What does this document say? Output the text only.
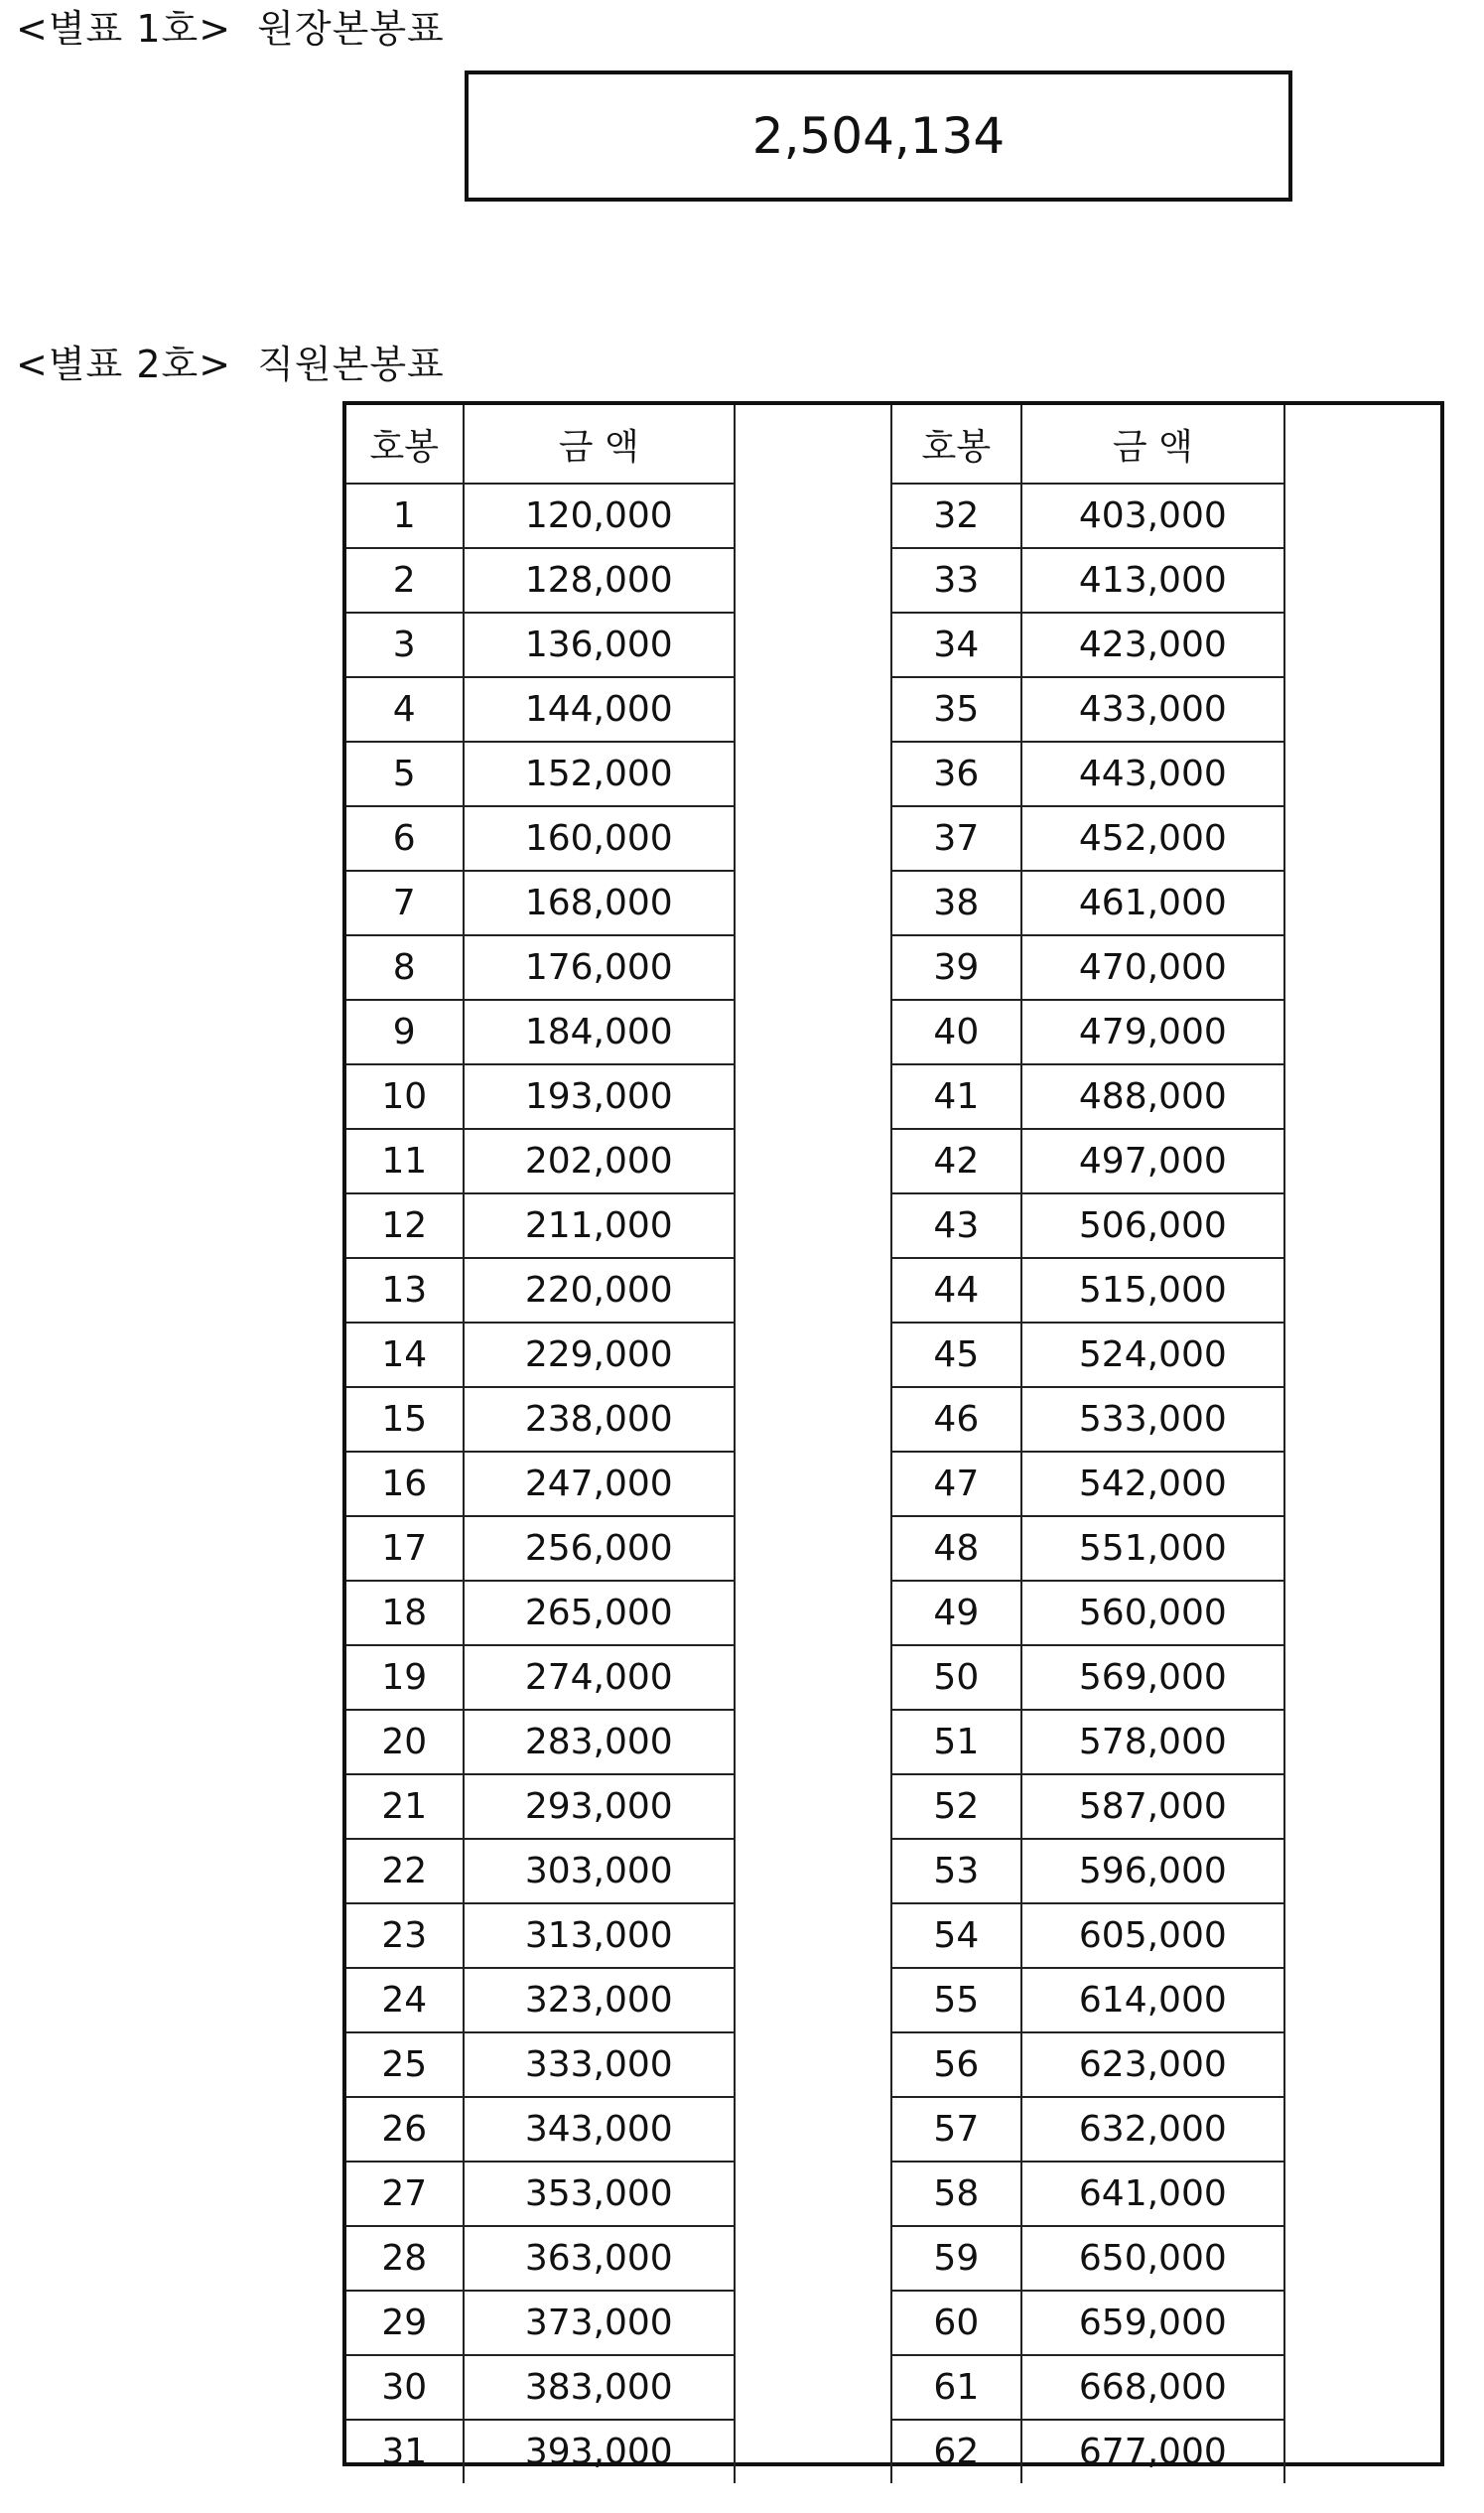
<별표 1호>  원장본봉표
2,504,134
<별표 2호>  직원본봉표
호봉	금 액
1	120,000
2	128,000
3	136,000
4	144,000
5	152,000
6	160,000
7	168,000
8	176,000
9	184,000
10	193,000
11	202,000
12	211,000
13	220,000
14	229,000
15	238,000
16	247,000
17	256,000
18	265,000
19	274,000
20	283,000
21	293,000
22	303,000
23	313,000
24	323,000
25	333,000
26	343,000
27	353,000
28	363,000
29	373,000
30	383,000
31	393,000
호봉	금 액
32	403,000
33	413,000
34	423,000
35	433,000
36	443,000
37	452,000
38	461,000
39	470,000
40	479,000
41	488,000
42	497,000
43	506,000
44	515,000
45	524,000
46	533,000
47	542,000
48	551,000
49	560,000
50	569,000
51	578,000
52	587,000
53	596,000
54	605,000
55	614,000
56	623,000
57	632,000
58	641,000
59	650,000
60	659,000
61	668,000
62	677,000
